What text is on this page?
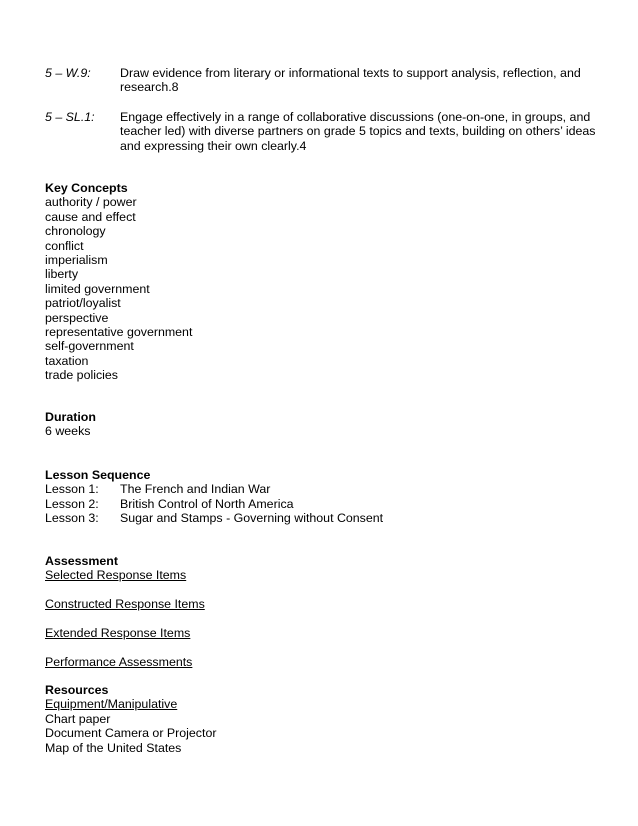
5 – W.9: Draw evidence from literary or informational texts to support analysis, reflection, and research.8
5 – SL.1: Engage effectively in a range of collaborative discussions (one-on-one, in groups, and teacher led) with diverse partners on grade 5 topics and texts, building on others’ ideas and expressing their own clearly.4
Key Concepts
authority / power
cause and effect
chronology
conflict
imperialism
liberty
limited government
patriot/loyalist
perspective
representative government
self-government
taxation
trade policies
Duration
6 weeks
Lesson Sequence
Lesson 1:	The French and Indian War
Lesson 2:	British Control of North America
Lesson 3:	Sugar and Stamps - Governing without Consent
Assessment
Selected Response Items
Constructed Response Items
Extended Response Items
Performance Assessments
Resources
Equipment/Manipulative
Chart paper
Document Camera or Projector
Map of the United States
